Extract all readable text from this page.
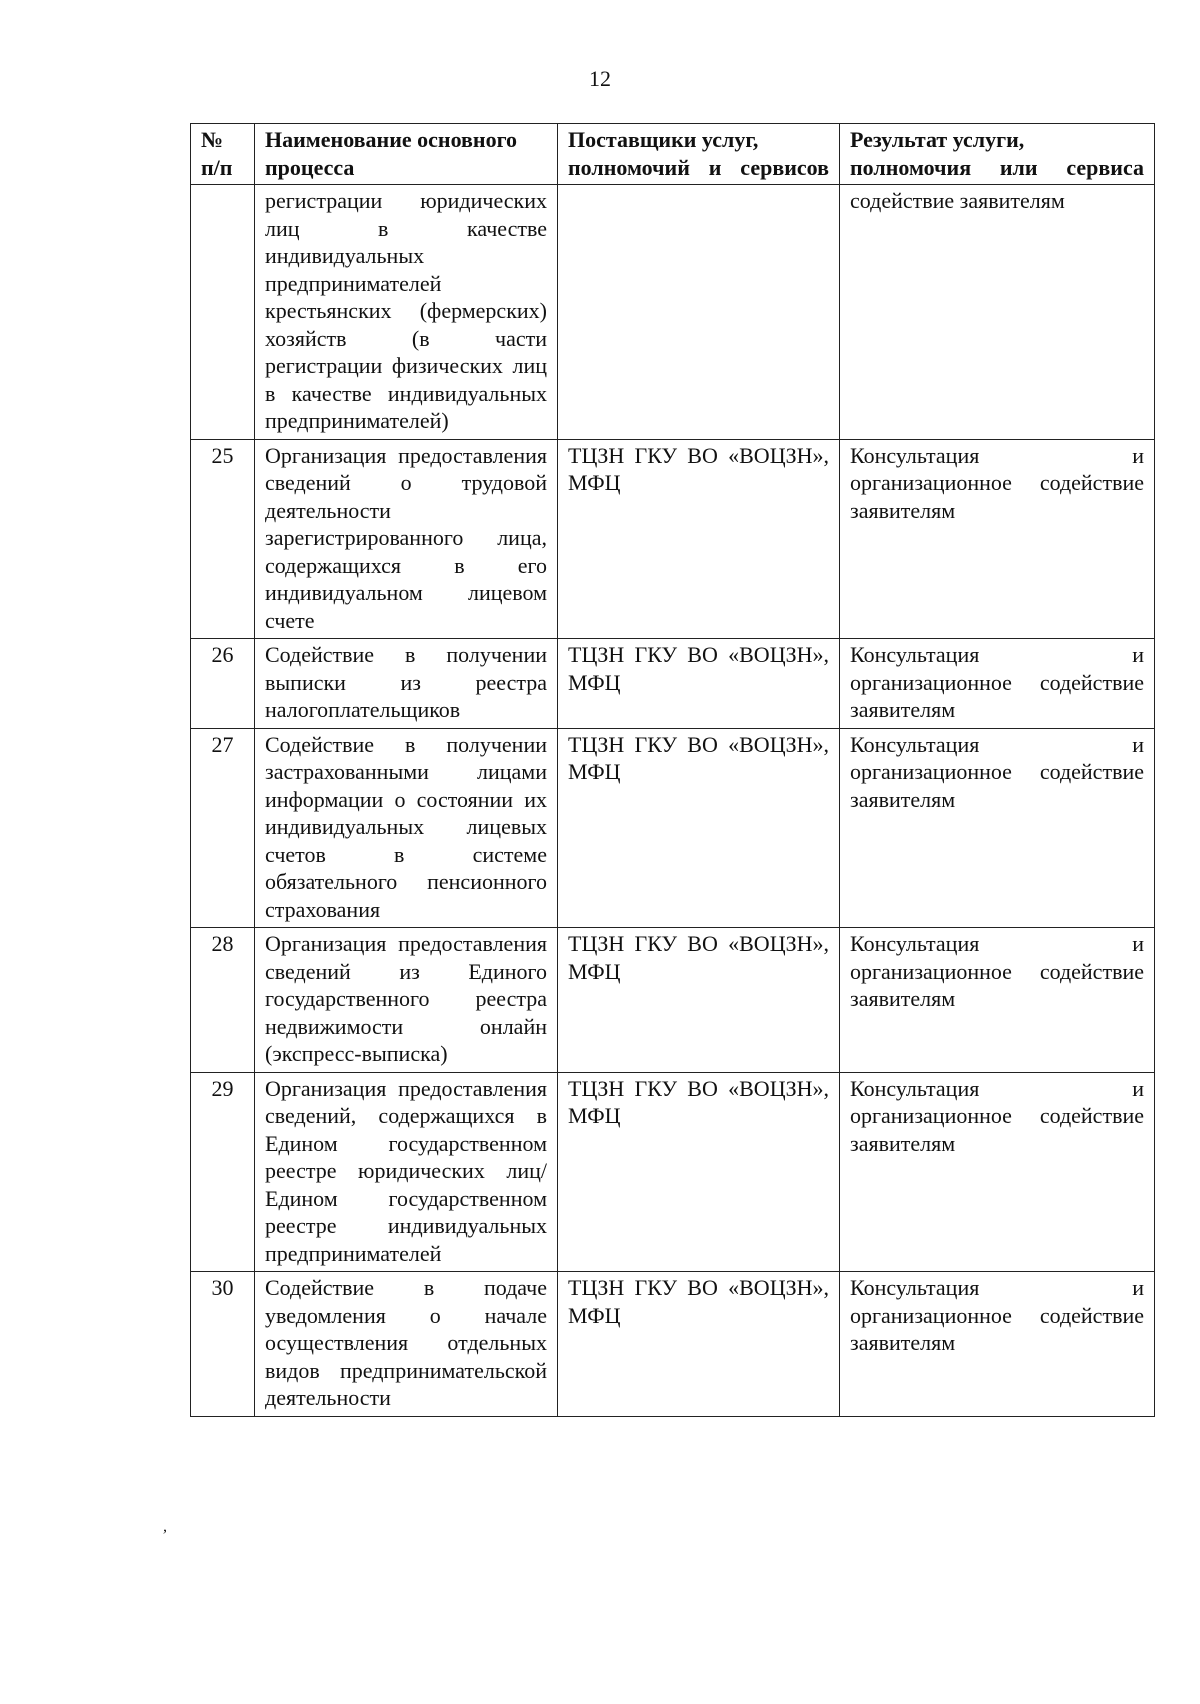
12
№ п/п	Наименование основного процесса	Поставщики услуг, полномочий и сервисов	Результат услуги, полномочия или сервиса
	регистрации юридических лиц в качестве индивидуальных предпринимателей крестьянских (фермерских) хозяйств (в части регистрации физических лиц в качестве индивидуальных предпринимателей)		содействие заявителям
25	Организация предоставления сведений о трудовой деятельности зарегистрированного лица, содержащихся в его индивидуальном лицевом счете	ТЦЗН ГКУ ВО «ВОЦЗН», МФЦ	Консультация и организационное содействие заявителям
26	Содействие в получении выписки из реестра налогоплательщиков	ТЦЗН ГКУ ВО «ВОЦЗН», МФЦ	Консультация и организационное содействие заявителям
27	Содействие в получении застрахованными лицами информации о состоянии их индивидуальных лицевых счетов в системе обязательного пенсионного страхования	ТЦЗН ГКУ ВО «ВОЦЗН», МФЦ	Консультация и организационное содействие заявителям
28	Организация предоставления сведений из Единого государственного реестра недвижимости онлайн (экспресс-выписка)	ТЦЗН ГКУ ВО «ВОЦЗН», МФЦ	Консультация и организационное содействие заявителям
29	Организация предоставления сведений, содержащихся в Едином государственном реестре юридических лиц/Едином государственном реестре индивидуальных предпринимателей	ТЦЗН ГКУ ВО «ВОЦЗН», МФЦ	Консультация и организационное содействие заявителям
30	Содействие в подаче уведомления о начале осуществления отдельных видов предпринимательской деятельности	ТЦЗН ГКУ ВО «ВОЦЗН», МФЦ	Консультация и организационное содействие заявителям
,
